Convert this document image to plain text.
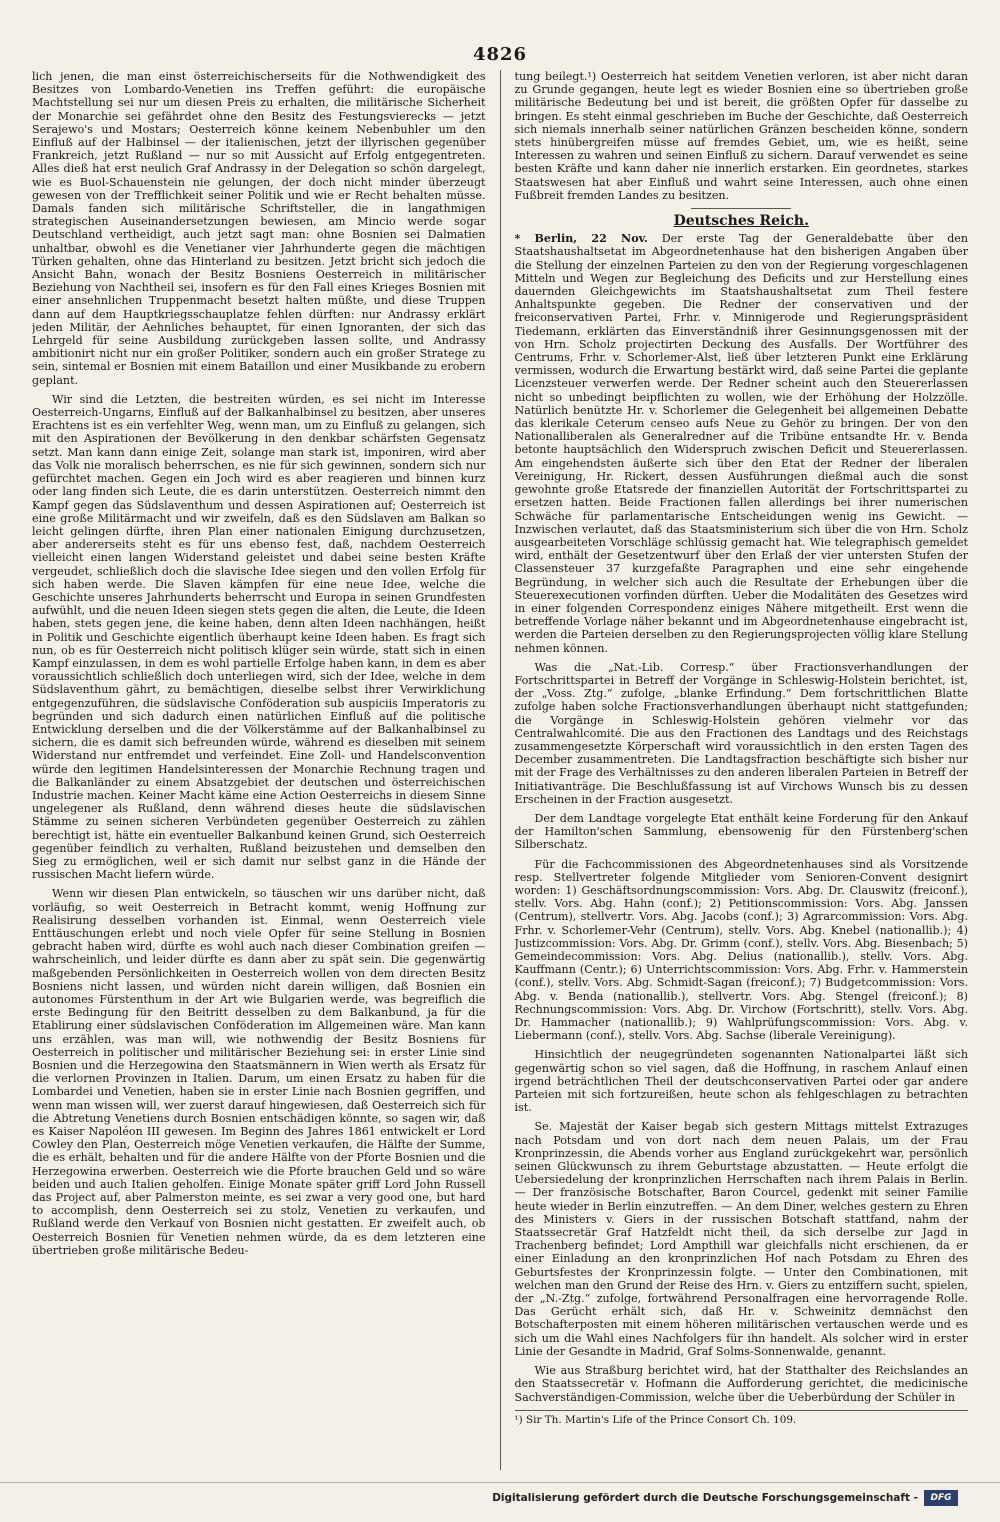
4826

lich jenen, die man einst österreichischerseits für die Nothwendigkeit des Besitzes von Lombardo-Venetien ins Treffen geführt: die europäische Machtstellung sei nur um diesen Preis zu erhalten, die militärische Sicherheit der Monarchie sei gefährdet ohne den Besitz des Festungsvierecks — jetzt Serajewo's und Mostars; Oesterreich könne keinem Nebenbuhler um den Einfluß auf der Halbinsel — der italienischen, jetzt der illyrischen gegenüber Frankreich, jetzt Rußland — nur so mit Aussicht auf Erfolg entgegentreten. Alles dieß hat erst neulich Graf Andrassy in der Delegation so schön dargelegt, wie es Buol-Schauenstein nie gelungen, der doch nicht minder überzeugt gewesen von der Trefflichkeit seiner Politik und wie er Recht behalten müsse. Damals fanden sich militärische Schriftsteller, die in langathmigen strategischen Auseinandersetzungen bewiesen, am Mincio werde sogar Deutschland vertheidigt, auch jetzt sagt man: ohne Bosnien sei Dalmatien unhaltbar, obwohl es die Venetianer vier Jahrhunderte gegen die mächtigen Türken gehalten, ohne das Hinterland zu besitzen. Jetzt bricht sich jedoch die Ansicht Bahn, wonach der Besitz Bosniens Oesterreich in militärischer Beziehung von Nachtheil sei, insofern es für den Fall eines Krieges Bosnien mit einer ansehnlichen Truppenmacht besetzt halten müßte, und diese Truppen dann auf dem Hauptkriegsschauplatze fehlen dürften: nur Andrassy erklärt jeden Militär, der Aehnliches behauptet, für einen Ignoranten, der sich das Lehrgeld für seine Ausbildung zurückgeben lassen sollte, und Andrassy ambitionirt nicht nur ein großer Politiker, sondern auch ein großer Stratege zu sein, sintemal er Bosnien mit einem Bataillon und einer Musikbande zu erobern geplant.

Wir sind die Letzten, die bestreiten würden, es sei nicht im Interesse Oesterreich-Ungarns, Einfluß auf der Balkanhalbinsel zu besitzen, aber unseres Erachtens ist es ein verfehlter Weg, wenn man, um zu Einfluß zu gelangen, sich mit den Aspirationen der Bevölkerung in den denkbar schärfsten Gegensatz setzt. Man kann dann einige Zeit, solange man stark ist, imponiren, wird aber das Volk nie moralisch beherrschen, es nie für sich gewinnen, sondern sich nur gefürchtet machen. Gegen ein Joch wird es aber reagieren und binnen kurz oder lang finden sich Leute, die es darin unterstützen. Oesterreich nimmt den Kampf gegen das Südslaventhum und dessen Aspirationen auf; Oesterreich ist eine große Militärmacht und wir zweifeln, daß es den Südslaven am Balkan so leicht gelingen dürfte, ihren Plan einer nationalen Einigung durchzusetzen, aber andererseits steht es für uns ebenso fest, daß, nachdem Oesterreich vielleicht einen langen Widerstand geleistet und dabei seine besten Kräfte vergeudet, schließlich doch die slavische Idee siegen und den vollen Erfolg für sich haben werde. Die Slaven kämpfen für eine neue Idee, welche die Geschichte unseres Jahrhunderts beherrscht und Europa in seinen Grundfesten aufwühlt, und die neuen Ideen siegen stets gegen die alten, die Leute, die Ideen haben, stets gegen jene, die keine haben, denn alten Ideen nachhängen, heißt in Politik und Geschichte eigentlich überhaupt keine Ideen haben. Es fragt sich nun, ob es für Oesterreich nicht politisch klüger sein würde, statt sich in einen Kampf einzulassen, in dem es wohl partielle Erfolge haben kann, in dem es aber voraussichtlich schließlich doch unterliegen wird, sich der Idee, welche in dem Südslaventhum gährt, zu bemächtigen, dieselbe selbst ihrer Verwirklichung entgegenzuführen, die südslavische Conföderation sub auspiciis Imperatoris zu begründen und sich dadurch einen natürlichen Einfluß auf die politische Entwicklung derselben und die der Völkerstämme auf der Balkanhalbinsel zu sichern, die es damit sich befreunden würde, während es dieselben mit seinem Widerstand nur entfremdet und verfeindet. Eine Zoll- und Handelsconvention würde den legitimen Handelsinteressen der Monarchie Rechnung tragen und die Balkanländer zu einem Absatzgebiet der deutschen und österreichischen Industrie machen. Keiner Macht käme eine Action Oesterreichs in diesem Sinne ungelegener als Rußland, denn während dieses heute die südslavischen Stämme zu seinen sicheren Verbündeten gegenüber Oesterreich zu zählen berechtigt ist, hätte ein eventueller Balkanbund keinen Grund, sich Oesterreich gegenüber feindlich zu verhalten, Rußland beizustehen und demselben den Sieg zu ermöglichen, weil er sich damit nur selbst ganz in die Hände der russischen Macht liefern würde.

Wenn wir diesen Plan entwickeln, so täuschen wir uns darüber nicht, daß vorläufig, so weit Oesterreich in Betracht kommt, wenig Hoffnung zur Realisirung desselben vorhanden ist. Einmal, wenn Oesterreich viele Enttäuschungen erlebt und noch viele Opfer für seine Stellung in Bosnien gebracht haben wird, dürfte es wohl auch nach dieser Combination greifen — wahrscheinlich, und leider dürfte es dann aber zu spät sein. Die gegenwärtig maßgebenden Persönlichkeiten in Oesterreich wollen von dem directen Besitz Bosniens nicht lassen, und würden nicht darein willigen, daß Bosnien ein autonomes Fürstenthum in der Art wie Bulgarien werde, was begreiflich die erste Bedingung für den Beitritt desselben zu dem Balkanbund, ja für die Etablirung einer südslavischen Conföderation im Allgemeinen wäre. Man kann uns erzählen, was man will, wie nothwendig der Besitz Bosniens für Oesterreich in politischer und militärischer Beziehung sei: in erster Linie sind Bosnien und die Herzegowina den Staatsmännern in Wien werth als Ersatz für die verlornen Provinzen in Italien. Darum, um einen Ersatz zu haben für die Lombardei und Venetien, haben sie in erster Linie nach Bosnien gegriffen, und wenn man wissen will, wer zuerst darauf hingewiesen, daß Oesterreich sich für die Abtretung Venetiens durch Bosnien entschädigen könnte, so sagen wir, daß es Kaiser Napoléon III gewesen. Im Beginn des Jahres 1861 entwickelt er Lord Cowley den Plan, Oesterreich möge Venetien verkaufen, die Hälfte der Summe, die es erhält, behalten und für die andere Hälfte von der Pforte Bosnien und die Herzegowina erwerben. Oesterreich wie die Pforte brauchen Geld und so wäre beiden und auch Italien geholfen. Einige Monate später griff Lord John Russell das Project auf, aber Palmerston meinte, es sei zwar a very good one, but hard to accomplish, denn Oesterreich sei zu stolz, Venetien zu verkaufen, und Rußland werde den Verkauf von Bosnien nicht gestatten. Er zweifelt auch, ob Oesterreich Bosnien für Venetien nehmen würde, da es dem letzteren eine übertrieben große militärische Bedeu-

tung beilegt.¹) Oesterreich hat seitdem Venetien verloren, ist aber nicht daran zu Grunde gegangen, heute legt es wieder Bosnien eine so übertrieben große militärische Bedeutung bei und ist bereit, die größten Opfer für dasselbe zu bringen. Es steht einmal geschrieben im Buche der Geschichte, daß Oesterreich sich niemals innerhalb seiner natürlichen Gränzen bescheiden könne, sondern stets hinübergreifen müsse auf fremdes Gebiet, um, wie es heißt, seine Interessen zu wahren und seinen Einfluß zu sichern. Darauf verwendet es seine besten Kräfte und kann daher nie innerlich erstarken. Ein geordnetes, starkes Staatswesen hat aber Einfluß und wahrt seine Interessen, auch ohne einen Fußbreit fremden Landes zu besitzen.

Deutsches Reich.

* Berlin, 22 Nov. Der erste Tag der Generaldebatte über den Staatshaushaltsetat im Abgeordnetenhause hat den bisherigen Angaben über die Stellung der einzelnen Parteien zu den von der Regierung vorgeschlagenen Mitteln und Wegen zur Begleichung des Deficits und zur Herstellung eines dauernden Gleichgewichts im Staatshaushaltsetat zum Theil festere Anhaltspunkte gegeben. Die Redner der conservativen und der freiconservativen Partei, Frhr. v. Minnigerode und Regierungspräsident Tiedemann, erklärten das Einverständniß ihrer Gesinnungsgenossen mit der von Hrn. Scholz projectirten Deckung des Ausfalls. Der Wortführer des Centrums, Frhr. v. Schorlemer-Alst, ließ über letzteren Punkt eine Erklärung vermissen, wodurch die Erwartung bestärkt wird, daß seine Partei die geplante Licenzsteuer verwerfen werde. Der Redner scheint auch den Steuererlassen nicht so unbedingt beipflichten zu wollen, wie der Erhöhung der Holzzölle. Natürlich benützte Hr. v. Schorlemer die Gelegenheit bei allgemeinen Debatte das klerikale Ceterum censeo aufs Neue zu Gehör zu bringen. Der von den Nationalliberalen als Generalredner auf die Tribüne entsandte Hr. v. Benda betonte hauptsächlich den Widerspruch zwischen Deficit und Steuererlassen. Am eingehendsten äußerte sich über den Etat der Redner der liberalen Vereinigung, Hr. Rickert, dessen Ausführungen dießmal auch die sonst gewohnte große Etatsrede der finanziellen Autorität der Fortschrittspartei zu ersetzen hatten. Beide Fractionen fallen allerdings bei ihrer numerischen Schwäche für parlamentarische Entscheidungen wenig ins Gewicht. — Inzwischen verlautet, daß das Staatsministerium sich über die von Hrn. Scholz ausgearbeiteten Vorschläge schlüssig gemacht hat. Wie telegraphisch gemeldet wird, enthält der Gesetzentwurf über den Erlaß der vier untersten Stufen der Classensteuer 37 kurzgefaßte Paragraphen und eine sehr eingehende Begründung, in welcher sich auch die Resultate der Erhebungen über die Steuerexecutionen vorfinden dürften. Ueber die Modalitäten des Gesetzes wird in einer folgenden Correspondenz einiges Nähere mitgetheilt. Erst wenn die betreffende Vorlage näher bekannt und im Abgeordnetenhause eingebracht ist, werden die Parteien derselben zu den Regierungsprojecten völlig klare Stellung nehmen können.

Was die „Nat.-Lib. Corresp.“ über Fractionsverhandlungen der Fortschrittspartei in Betreff der Vorgänge in Schleswig-Holstein berichtet, ist, der „Voss. Ztg.“ zufolge, „blanke Erfindung.“ Dem fortschrittlichen Blatte zufolge haben solche Fractionsverhandlungen überhaupt nicht stattgefunden; die Vorgänge in Schleswig-Holstein gehören vielmehr vor das Centralwahlcomité. Die aus den Fractionen des Landtags und des Reichstags zusammengesetzte Körperschaft wird voraussichtlich in den ersten Tagen des December zusammentreten. Die Landtagsfraction beschäftigte sich bisher nur mit der Frage des Verhältnisses zu den anderen liberalen Parteien in Betreff der Initiativanträge. Die Beschlußfassung ist auf Virchows Wunsch bis zu dessen Erscheinen in der Fraction ausgesetzt.

Der dem Landtage vorgelegte Etat enthält keine Forderung für den Ankauf der Hamilton'schen Sammlung, ebensowenig für den Fürstenberg'schen Silberschatz.

Für die Fachcommissionen des Abgeordnetenhauses sind als Vorsitzende resp. Stellvertreter folgende Mitglieder vom Senioren-Convent designirt worden: 1) Geschäftsordnungscommission: Vors. Abg. Dr. Clauswitz (freiconf.), stellv. Vors. Abg. Hahn (conf.); 2) Petitionscommission: Vors. Abg. Janssen (Centrum), stellvertr. Vors. Abg. Jacobs (conf.); 3) Agrarcommission: Vors. Abg. Frhr. v. Schorlemer-Vehr (Centrum), stellv. Vors. Abg. Knebel (nationallib.); 4) Justizcommission: Vors. Abg. Dr. Grimm (conf.), stellv. Vors. Abg. Biesenbach; 5) Gemeindecommission: Vors. Abg. Delius (nationallib.), stellv. Vors. Abg. Kauffmann (Centr.); 6) Unterrichtscommission: Vors. Abg. Frhr. v. Hammerstein (conf.), stellv. Vors. Abg. Schmidt-Sagan (freiconf.); 7) Budgetcommission: Vors. Abg. v. Benda (nationallib.), stellvertr. Vors. Abg. Stengel (freiconf.); 8) Rechnungscommission: Vors. Abg. Dr. Virchow (Fortschritt), stellv. Vors. Abg. Dr. Hammacher (nationallib.); 9) Wahlprüfungscommission: Vors. Abg. v. Liebermann (conf.), stellv. Vors. Abg. Sachse (liberale Vereinigung).

Hinsichtlich der neugegründeten sogenannten Nationalpartei läßt sich gegenwärtig schon so viel sagen, daß die Hoffnung, in raschem Anlauf einen irgend beträchtlichen Theil der deutschconservativen Partei oder gar andere Parteien mit sich fortzureißen, heute schon als fehlgeschlagen zu betrachten ist.

Se. Majestät der Kaiser begab sich gestern Mittags mittelst Extrazuges nach Potsdam und von dort nach dem neuen Palais, um der Frau Kronprinzessin, die Abends vorher aus England zurückgekehrt war, persönlich seinen Glückwunsch zu ihrem Geburtstage abzustatten. — Heute erfolgt die Uebersiedelung der kronprinzlichen Herrschaften nach ihrem Palais in Berlin. — Der französische Botschafter, Baron Courcel, gedenkt mit seiner Familie heute wieder in Berlin einzutreffen. — An dem Diner, welches gestern zu Ehren des Ministers v. Giers in der russischen Botschaft stattfand, nahm der Staatssecretär Graf Hatzfeldt nicht theil, da sich derselbe zur Jagd in Trachenberg befindet; Lord Ampthill war gleichfalls nicht erschienen, da er einer Einladung an den kronprinzlichen Hof nach Potsdam zu Ehren des Geburtsfestes der Kronprinzessin folgte. — Unter den Combinationen, mit welchen man den Grund der Reise des Hrn. v. Giers zu entziffern sucht, spielen, der „N.-Ztg.“ zufolge, fortwährend Personalfragen eine hervorragende Rolle. Das Gerücht erhält sich, daß Hr. v. Schweinitz demnächst den Botschafterposten mit einem höheren militärischen vertauschen werde und es sich um die Wahl eines Nachfolgers für ihn handelt. Als solcher wird in erster Linie der Gesandte in Madrid, Graf Solms-Sonnenwalde, genannt.

Wie aus Straßburg berichtet wird, hat der Statthalter des Reichslandes an den Staatssecretär v. Hofmann die Aufforderung gerichtet, die medicinische Sachverständigen-Commission, welche über die Ueberbürdung der Schüler in

¹) Sir Th. Martin's Life of the Prince Consort Ch. 109.
Digitalisierung gefördert durch die Deutsche Forschungsgemeinschaft -	DFG
